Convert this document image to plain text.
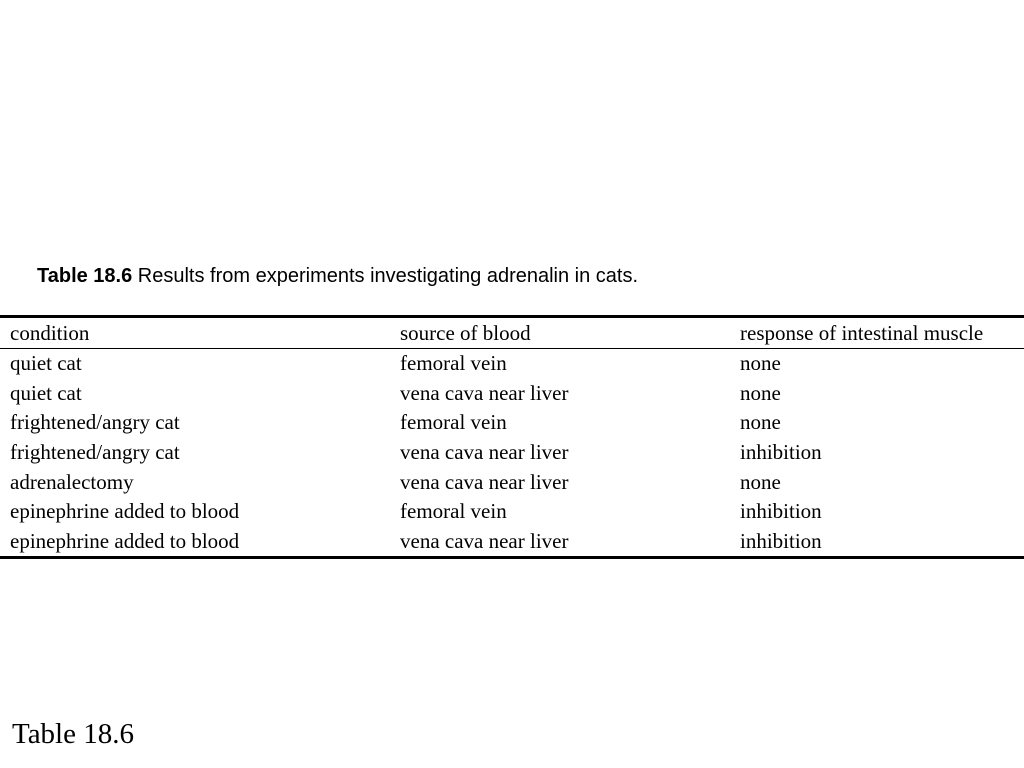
Table 18.6 Results from experiments investigating adrenalin in cats.
condition	source of blood	response of intestinal muscle
quiet cat	femoral vein	none
quiet cat	vena cava near liver	none
frightened/angry cat	femoral vein	none
frightened/angry cat	vena cava near liver	inhibition
adrenalectomy	vena cava near liver	none
epinephrine added to blood	femoral vein	inhibition
epinephrine added to blood	vena cava near liver	inhibition
Table 18.6
